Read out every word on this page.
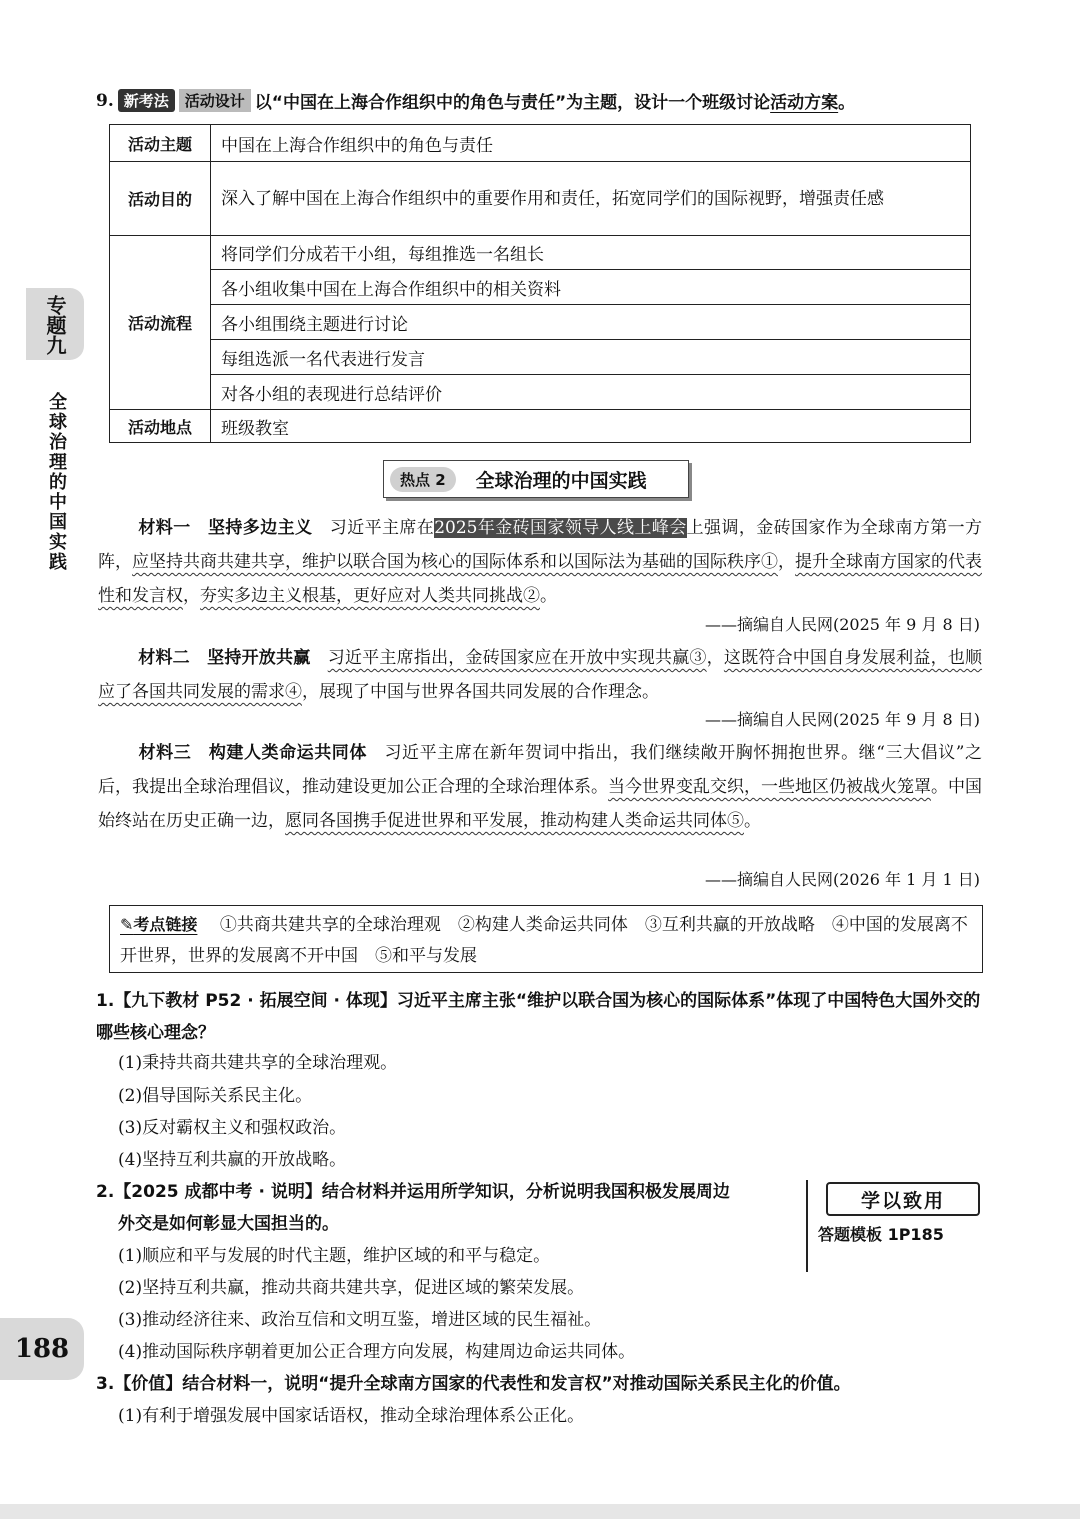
专题九
全球治理的中国实践
188
9. 新考法	活动设计 以“中国在上海合作组织中的角色与责任”为主题，设计一个班级讨论活动方案。
活动主题	中国在上海合作组织中的角色与责任
活动目的	深入了解中国在上海合作组织中的重要作用和责任，拓宽同学们的国际视野，增强责任感
活动流程	将同学们分成若干小组，每组推选一名组长
	各小组收集中国在上海合作组织中的相关资料
	各小组围绕主题进行讨论
	每组选派一名代表进行发言
	对各小组的表现进行总结评价
活动地点	班级教室
热点 2	全球治理的中国实践
材料一　坚持多边主义　 习近平主席在2025年金砖国家领导人线上峰会上强调，金砖国家作为全球南方第一方阵，应坚持共商共建共享，维护以联合国为核心的国际体系和以国际法为基础的国际秩序①，提升全球南方国家的代表性和发言权，夯实多边主义根基，更好应对人类共同挑战②。
——摘编自人民网(2025 年 9 月 8 日)
材料二　坚持开放共赢　 习近平主席指出，金砖国家应在开放中实现共赢③，这既符合中国自身发展利益，也顺应了各国共同发展的需求④，展现了中国与世界各国共同发展的合作理念。
——摘编自人民网(2025 年 9 月 8 日)
材料三　构建人类命运共同体　 习近平主席在新年贺词中指出，我们继续敞开胸怀拥抱世界。继“三大倡议”之后，我提出全球治理倡议，推动建设更加公正合理的全球治理体系。当今世界变乱交织，一些地区仍被战火笼罩。中国始终站在历史正确一边，愿同各国携手促进世界和平发展，推动构建人类命运共同体⑤。
——摘编自人民网(2026 年 1 月 1 日)
✎考点链接 　 ①共商共建共享的全球治理观　②构建人类命运共同体　③互利共赢的开放战略　④中国的发展离不开世界，世界的发展离不开中国　⑤和平与发展
1.【九下教材 P52 · 拓展空间 · 体现】习近平主席主张“维护以联合国为核心的国际体系”体现了中国特色大国外交的哪些核心理念？
(1)秉持共商共建共享的全球治理观。
(2)倡导国际关系民主化。
(3)反对霸权主义和强权政治。
(4)坚持互利共赢的开放战略。
2.【2025 成都中考 · 说明】结合材料并运用所学知识，分析说明我国积极发展周边
外交是如何彰显大国担当的。
(1)顺应和平与发展的时代主题，维护区域的和平与稳定。
(2)坚持互利共赢，推动共商共建共享，促进区域的繁荣发展。
(3)推动经济往来、政治互信和文明互鉴，增进区域的民生福祉。
(4)推动国际秩序朝着更加公正合理方向发展，构建周边命运共同体。
学以致用
答题模板 1P185
3.【价值】结合材料一，说明“提升全球南方国家的代表性和发言权”对推动国际关系民主化的价值。
(1)有利于增强发展中国家话语权，推动全球治理体系公正化。
